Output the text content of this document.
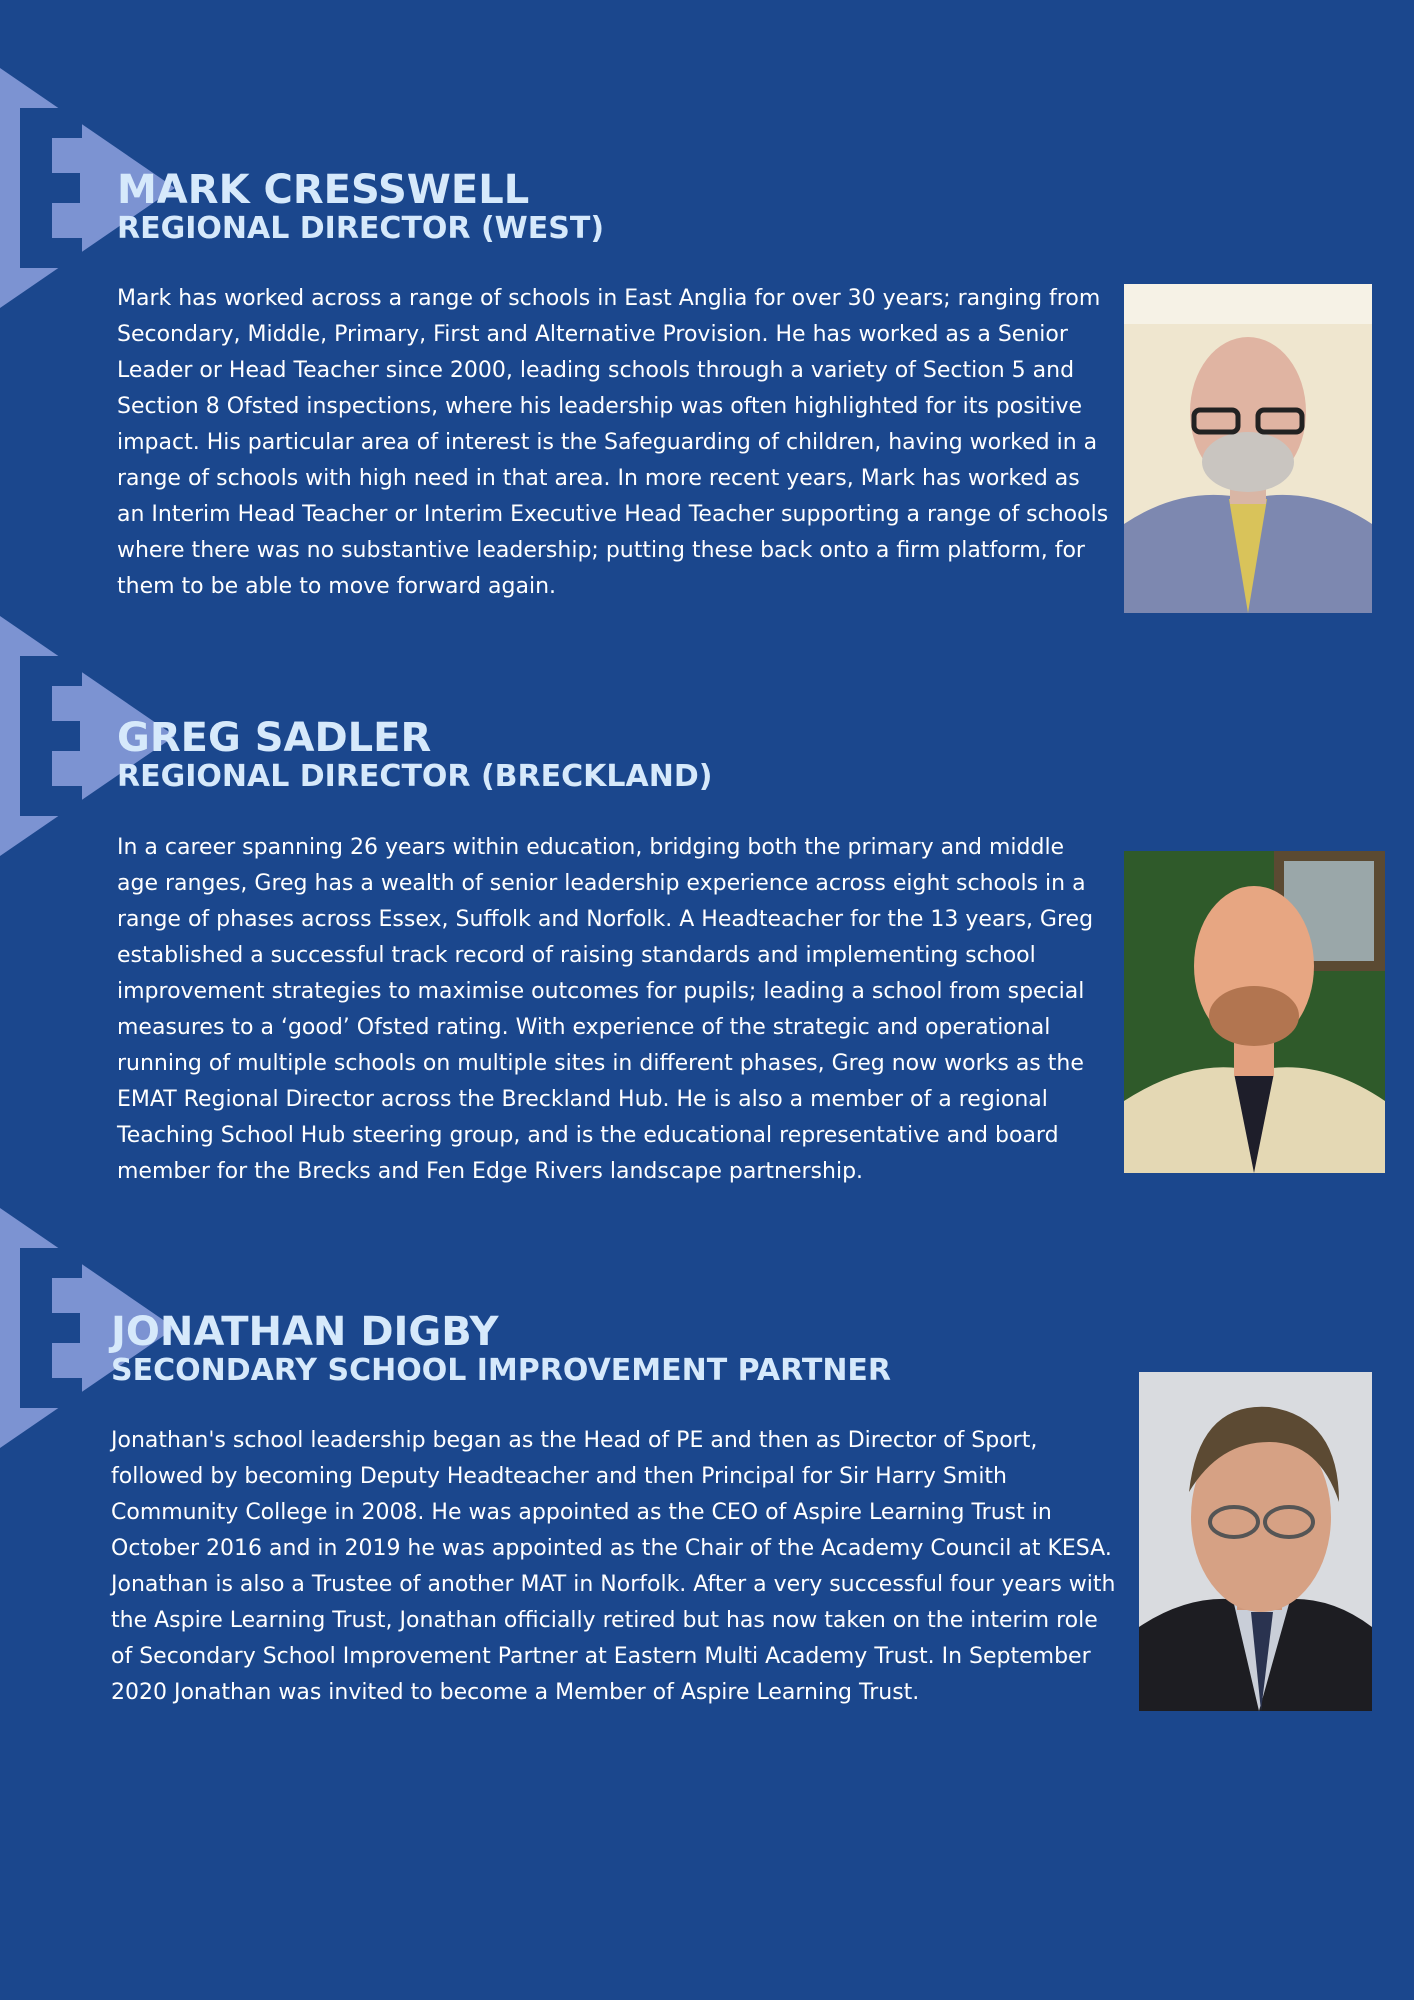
MARK CRESSWELL
REGIONAL DIRECTOR (WEST)

Mark has worked across a range of schools in East Anglia for over 30 years; ranging from Secondary, Middle, Primary, First and Alternative Provision. He has worked as a Senior Leader or Head Teacher since 2000, leading schools through a variety of Section 5 and Section 8 Ofsted inspections, where his leadership was often highlighted for its positive impact. His particular area of interest is the Safeguarding of children, having worked in a range of schools with high need in that area. In more recent years, Mark has worked as an Interim Head Teacher or Interim Executive Head Teacher supporting a range of schools where there was no substantive leadership; putting these back onto a firm platform, for them to be able to move forward again.

GREG SADLER
REGIONAL DIRECTOR (BRECKLAND)

In a career spanning 26 years within education, bridging both the primary and middle age ranges, Greg has a wealth of senior leadership experience across eight schools in a range of phases across Essex, Suffolk and Norfolk. A Headteacher for the 13 years, Greg established a successful track record of raising standards and implementing school improvement strategies to maximise outcomes for pupils; leading a school from special measures to a ‘good’ Ofsted rating. With experience of the strategic and operational running of multiple schools on multiple sites in different phases, Greg now works as the EMAT Regional Director across the Breckland Hub. He is also a member of a regional Teaching School Hub steering group, and is the educational representative and board member for the Brecks and Fen Edge Rivers landscape partnership.

JONATHAN DIGBY
SECONDARY SCHOOL IMPROVEMENT PARTNER

Jonathan's school leadership began as the Head of PE and then as Director of Sport, followed by becoming Deputy Headteacher and then Principal for Sir Harry Smith Community College in 2008. He was appointed as the CEO of Aspire Learning Trust in October 2016 and in 2019 he was appointed as the Chair of the Academy Council at KESA. Jonathan is also a Trustee of another MAT in Norfolk. After a very successful four years with the Aspire Learning Trust, Jonathan officially retired but has now taken on the interim role of Secondary School Improvement Partner at Eastern Multi Academy Trust. In September 2020 Jonathan was invited to become a Member of Aspire Learning Trust.
